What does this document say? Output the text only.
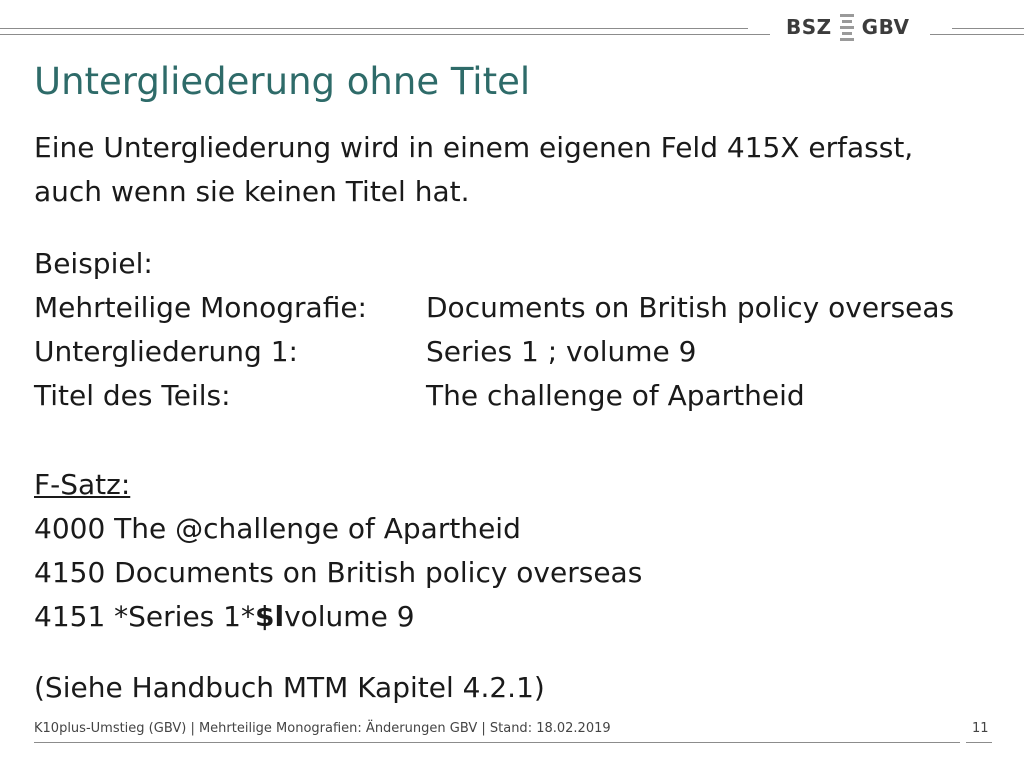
BSZ GBV
Untergliederung ohne Titel
Eine Untergliederung wird in einem eigenen Feld 415X erfasst,
auch wenn sie keinen Titel hat.
Beispiel:
Mehrteilige Monografie: Documents on British policy overseas
Untergliederung 1:	Series 1 ; volume 9
Titel des Teils:	The challenge of Apartheid
F-Satz:
4000 The @challenge of Apartheid
4150 Documents on British policy overseas
4151 *Series 1*$lvolume 9
(Siehe Handbuch MTM Kapitel 4.2.1)
K10plus-Umstieg (GBV) | Mehrteilige Monografien: Änderungen GBV | Stand: 18.02.2019	11
